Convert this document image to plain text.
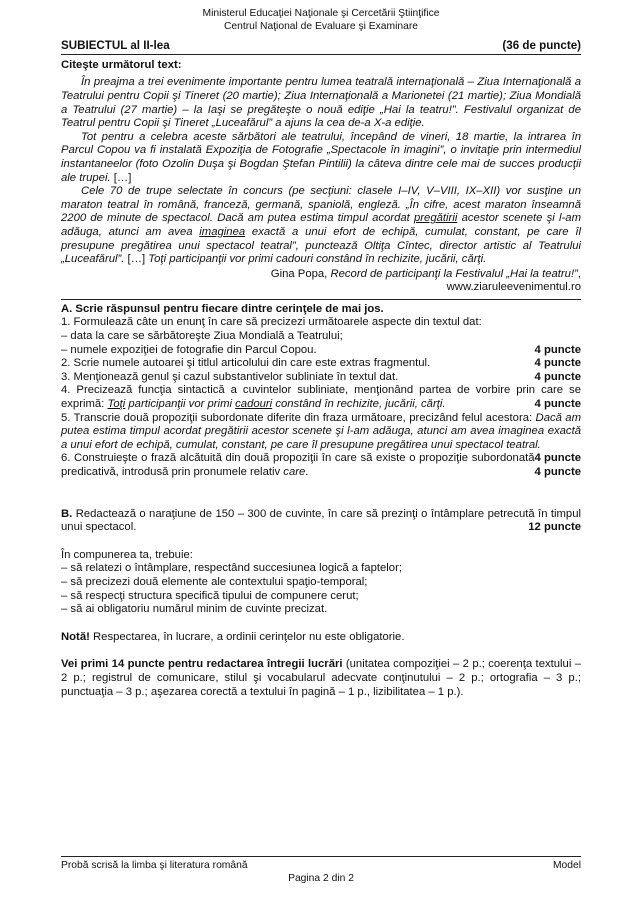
Ministerul Educaţiei Naţionale şi Cercetării Ştiinţifice
Centrul Naţional de Evaluare şi Examinare
SUBIECTUL al II-lea	(36 de puncte)
Citeşte următorul text:

În preajma a trei evenimente importante pentru lumea teatrală internaţională – Ziua Internaţională a Teatrului pentru Copii şi Tineret (20 martie); Ziua Internaţională a Marionetei (21 martie); Ziua Mondială a Teatrului (27 martie) – la Iaşi se pregăteşte o nouă ediţie „Hai la teatru!”. Festivalul organizat de Teatrul pentru Copii şi Tineret „Luceafărul” a ajuns la cea de-a X-a ediţie.

Tot pentru a celebra aceste sărbători ale teatrului, începând de vineri, 18 martie, la intrarea în Parcul Copou va fi instalată Expoziţia de Fotografie „Spectacole în imagini”, o invitaţie prin intermediul instantaneelor (foto Ozolin Duşa şi Bogdan Ştefan Pintilii) la câteva dintre cele mai de succes producţii ale trupei. […]

Cele 70 de trupe selectate în concurs (pe secţiuni: clasele I–IV, V–VIII, IX–XII) vor susţine un maraton teatral în română, franceză, germană, spaniolă, engleză. „În cifre, acest maraton înseamnă 2200 de minute de spectacol. Dacă am putea estima timpul acordat pregătirii acestor scenete şi l-am adăuga, atunci am avea imaginea exactă a unui efort de echipă, cumulat, constant, pe care îl presupune pregătirea unui spectacol teatral”, punctează Oltiţa Cîntec, director artistic al Teatrului „Luceafărul”. […] Toţi participanţii vor primi cadouri constând în rechizite, jucării, cărţi.

Gina Popa, Record de participanţi la Festivalul „Hai la teatru!”,
www.ziaruleevenimentul.ro
A. Scrie răspunsul pentru fiecare dintre cerinţele de mai jos.
1. Formulează câte un enunţ în care să precizezi următoarele aspecte din textul dat:
– data la care se sărbătoreşte Ziua Mondială a Teatrului;
– numele expoziţiei de fotografie din Parcul Copou.	4 puncte
2. Scrie numele autoarei şi titlul articolului din care este extras fragmentul.	4 puncte
3. Menţionează genul şi cazul substantivelor subliniate în textul dat.	4 puncte
4. Precizează funcţia sintactică a cuvintelor subliniate, menţionând partea de vorbire prin care se exprimă: Toţi participanţii vor primi cadouri constând în rechizite, jucării, cărţi.	4 puncte
5. Transcrie două propoziţii subordonate diferite din fraza următoare, precizând felul acestora: Dacă am putea estima timpul acordat pregătirii acestor scenete şi l-am adăuga, atunci am avea imaginea exactă a unui efort de echipă, cumulat, constant, pe care îl presupune pregătirea unui spectacol teatral.
4 puncte
6. Construieşte o frază alcătuită din două propoziţii în care să existe o propoziţie subordonată predicativă, introdusă prin pronumele relativ care.	4 puncte
B. Redactează o naraţiune de 150 – 300 de cuvinte, în care să prezinţi o întâmplare petrecută în timpul unui spectacol.	12 puncte
În compunerea ta, trebuie:
– să relatezi o întâmplare, respectând succesiunea logică a faptelor;
– să precizezi două elemente ale contextului spaţio-temporal;
– să respecţi structura specifică tipului de compunere cerut;
– să ai obligatoriu numărul minim de cuvinte precizat.
Notă! Respectarea, în lucrare, a ordinii cerinţelor nu este obligatorie.
Vei primi 14 puncte pentru redactarea întregii lucrări (unitatea compoziţiei – 2 p.; coerenţa textului – 2 p.; registrul de comunicare, stilul şi vocabularul adecvate conţinutului – 2 p.; ortografia – 3 p.; punctuaţia – 3 p.; aşezarea corectă a textului în pagină – 1 p., lizibilitatea – 1 p.).
Probă scrisă la limba şi literatura română	Model
Pagina 2 din 2
